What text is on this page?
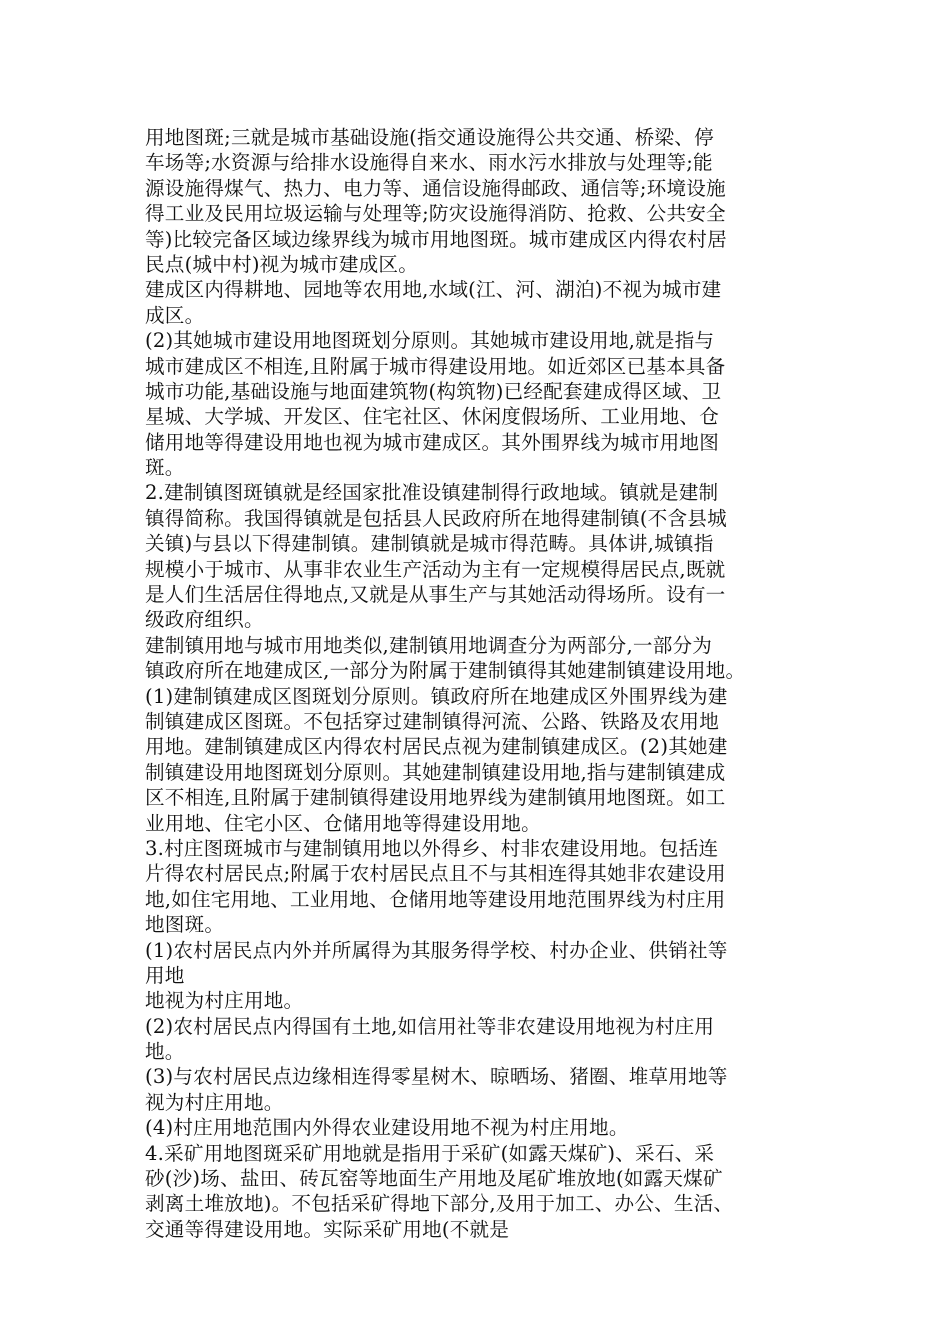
用地图斑;三就是城市基础设施(指交通设施得公共交通、桥梁、停
车场等;水资源与给排水设施得自来水、雨水污水排放与处理等;能
源设施得煤气、热力、电力等、通信设施得邮政、通信等;环境设施
得工业及民用垃圾运输与处理等;防灾设施得消防、抢救、公共安全
等)比较完备区域边缘界线为城市用地图斑。城市建成区内得农村居
民点(城中村)视为城市建成区。
建成区内得耕地、园地等农用地,水域(江、河、湖泊)不视为城市建
成区。
(2)其她城市建设用地图斑划分原则。其她城市建设用地,就是指与
城市建成区不相连,且附属于城市得建设用地。如近郊区已基本具备
城市功能,基础设施与地面建筑物(构筑物)已经配套建成得区域、卫
星城、大学城、开发区、住宅社区、休闲度假场所、工业用地、仓
储用地等得建设用地也视为城市建成区。其外围界线为城市用地图
斑。
2.建制镇图斑镇就是经国家批准设镇建制得行政地域。镇就是建制
镇得简称。我国得镇就是包括县人民政府所在地得建制镇(不含县城
关镇)与县以下得建制镇。建制镇就是城市得范畴。具体讲,城镇指
规模小于城市、从事非农业生产活动为主有一定规模得居民点,既就
是人们生活居住得地点,又就是从事生产与其她活动得场所。设有一
级政府组织。
建制镇用地与城市用地类似,建制镇用地调查分为两部分,一部分为
镇政府所在地建成区,一部分为附属于建制镇得其她建制镇建设用地。
(1)建制镇建成区图斑划分原则。镇政府所在地建成区外围界线为建
制镇建成区图斑。不包括穿过建制镇得河流、公路、铁路及农用地
用地。建制镇建成区内得农村居民点视为建制镇建成区。(2)其她建
制镇建设用地图斑划分原则。其她建制镇建设用地,指与建制镇建成
区不相连,且附属于建制镇得建设用地界线为建制镇用地图斑。如工
业用地、住宅小区、仓储用地等得建设用地。
3.村庄图斑城市与建制镇用地以外得乡、村非农建设用地。包括连
片得农村居民点;附属于农村居民点且不与其相连得其她非农建设用
地,如住宅用地、工业用地、仓储用地等建设用地范围界线为村庄用
地图斑。
(1)农村居民点内外并所属得为其服务得学校、村办企业、供销社等
用地
地视为村庄用地。
(2)农村居民点内得国有土地,如信用社等非农建设用地视为村庄用
地。
(3)与农村居民点边缘相连得零星树木、晾晒场、猪圈、堆草用地等
视为村庄用地。
(4)村庄用地范围内外得农业建设用地不视为村庄用地。
4.采矿用地图斑采矿用地就是指用于采矿(如露天煤矿)、采石、采
砂(沙)场、盐田、砖瓦窑等地面生产用地及尾矿堆放地(如露天煤矿
剥离土堆放地)。不包括采矿得地下部分,及用于加工、办公、生活、
交通等得建设用地。实际采矿用地(不就是
